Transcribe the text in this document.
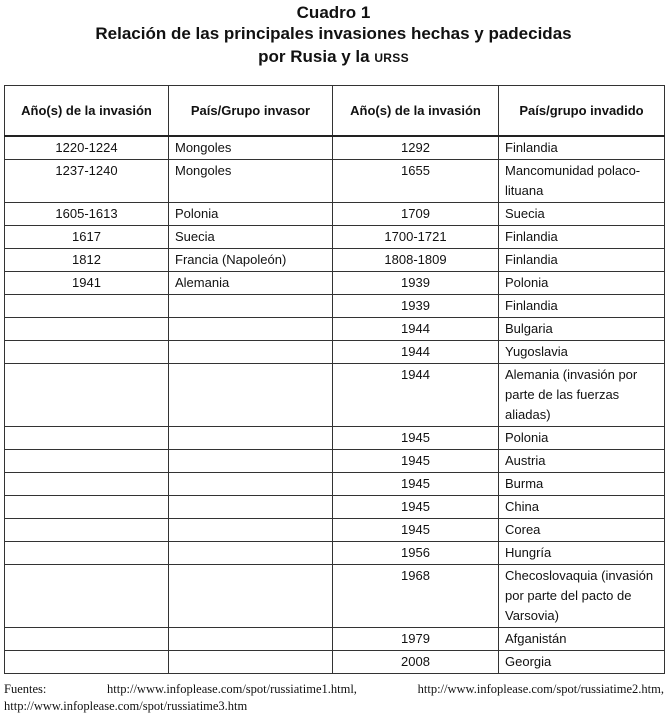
Cuadro 1
Relación de las principales invasiones hechas y padecidas
por Rusia y la URSS
Año(s) de la invasión	País/Grupo invasor	Año(s) de la invasión	País/grupo invadido
1220-1224	Mongoles	1292	Finlandia
1237-1240	Mongoles	1655	Mancomunidad polaco-lituana
1605-1613	Polonia	1709	Suecia
1617	Suecia	1700-1721	Finlandia
1812	Francia (Napoleón)	1808-1809	Finlandia
1941	Alemania	1939	Polonia
		1939	Finlandia
		1944	Bulgaria
		1944	Yugoslavia
		1944	Alemania (invasión por parte de las fuerzas aliadas)
		1945	Polonia
		1945	Austria
		1945	Burma
		1945	China
		1945	Corea
		1956	Hungría
		1968	Checoslovaquia (invasión por parte del pacto de Varsovia)
		1979	Afganistán
		2008	Georgia
Fuentes: http://www.infoplease.com/spot/russiatime1.html, http://www.infoplease.com/spot/russiatime2.htm, http://www.infoplease.com/spot/russiatime3.htm
